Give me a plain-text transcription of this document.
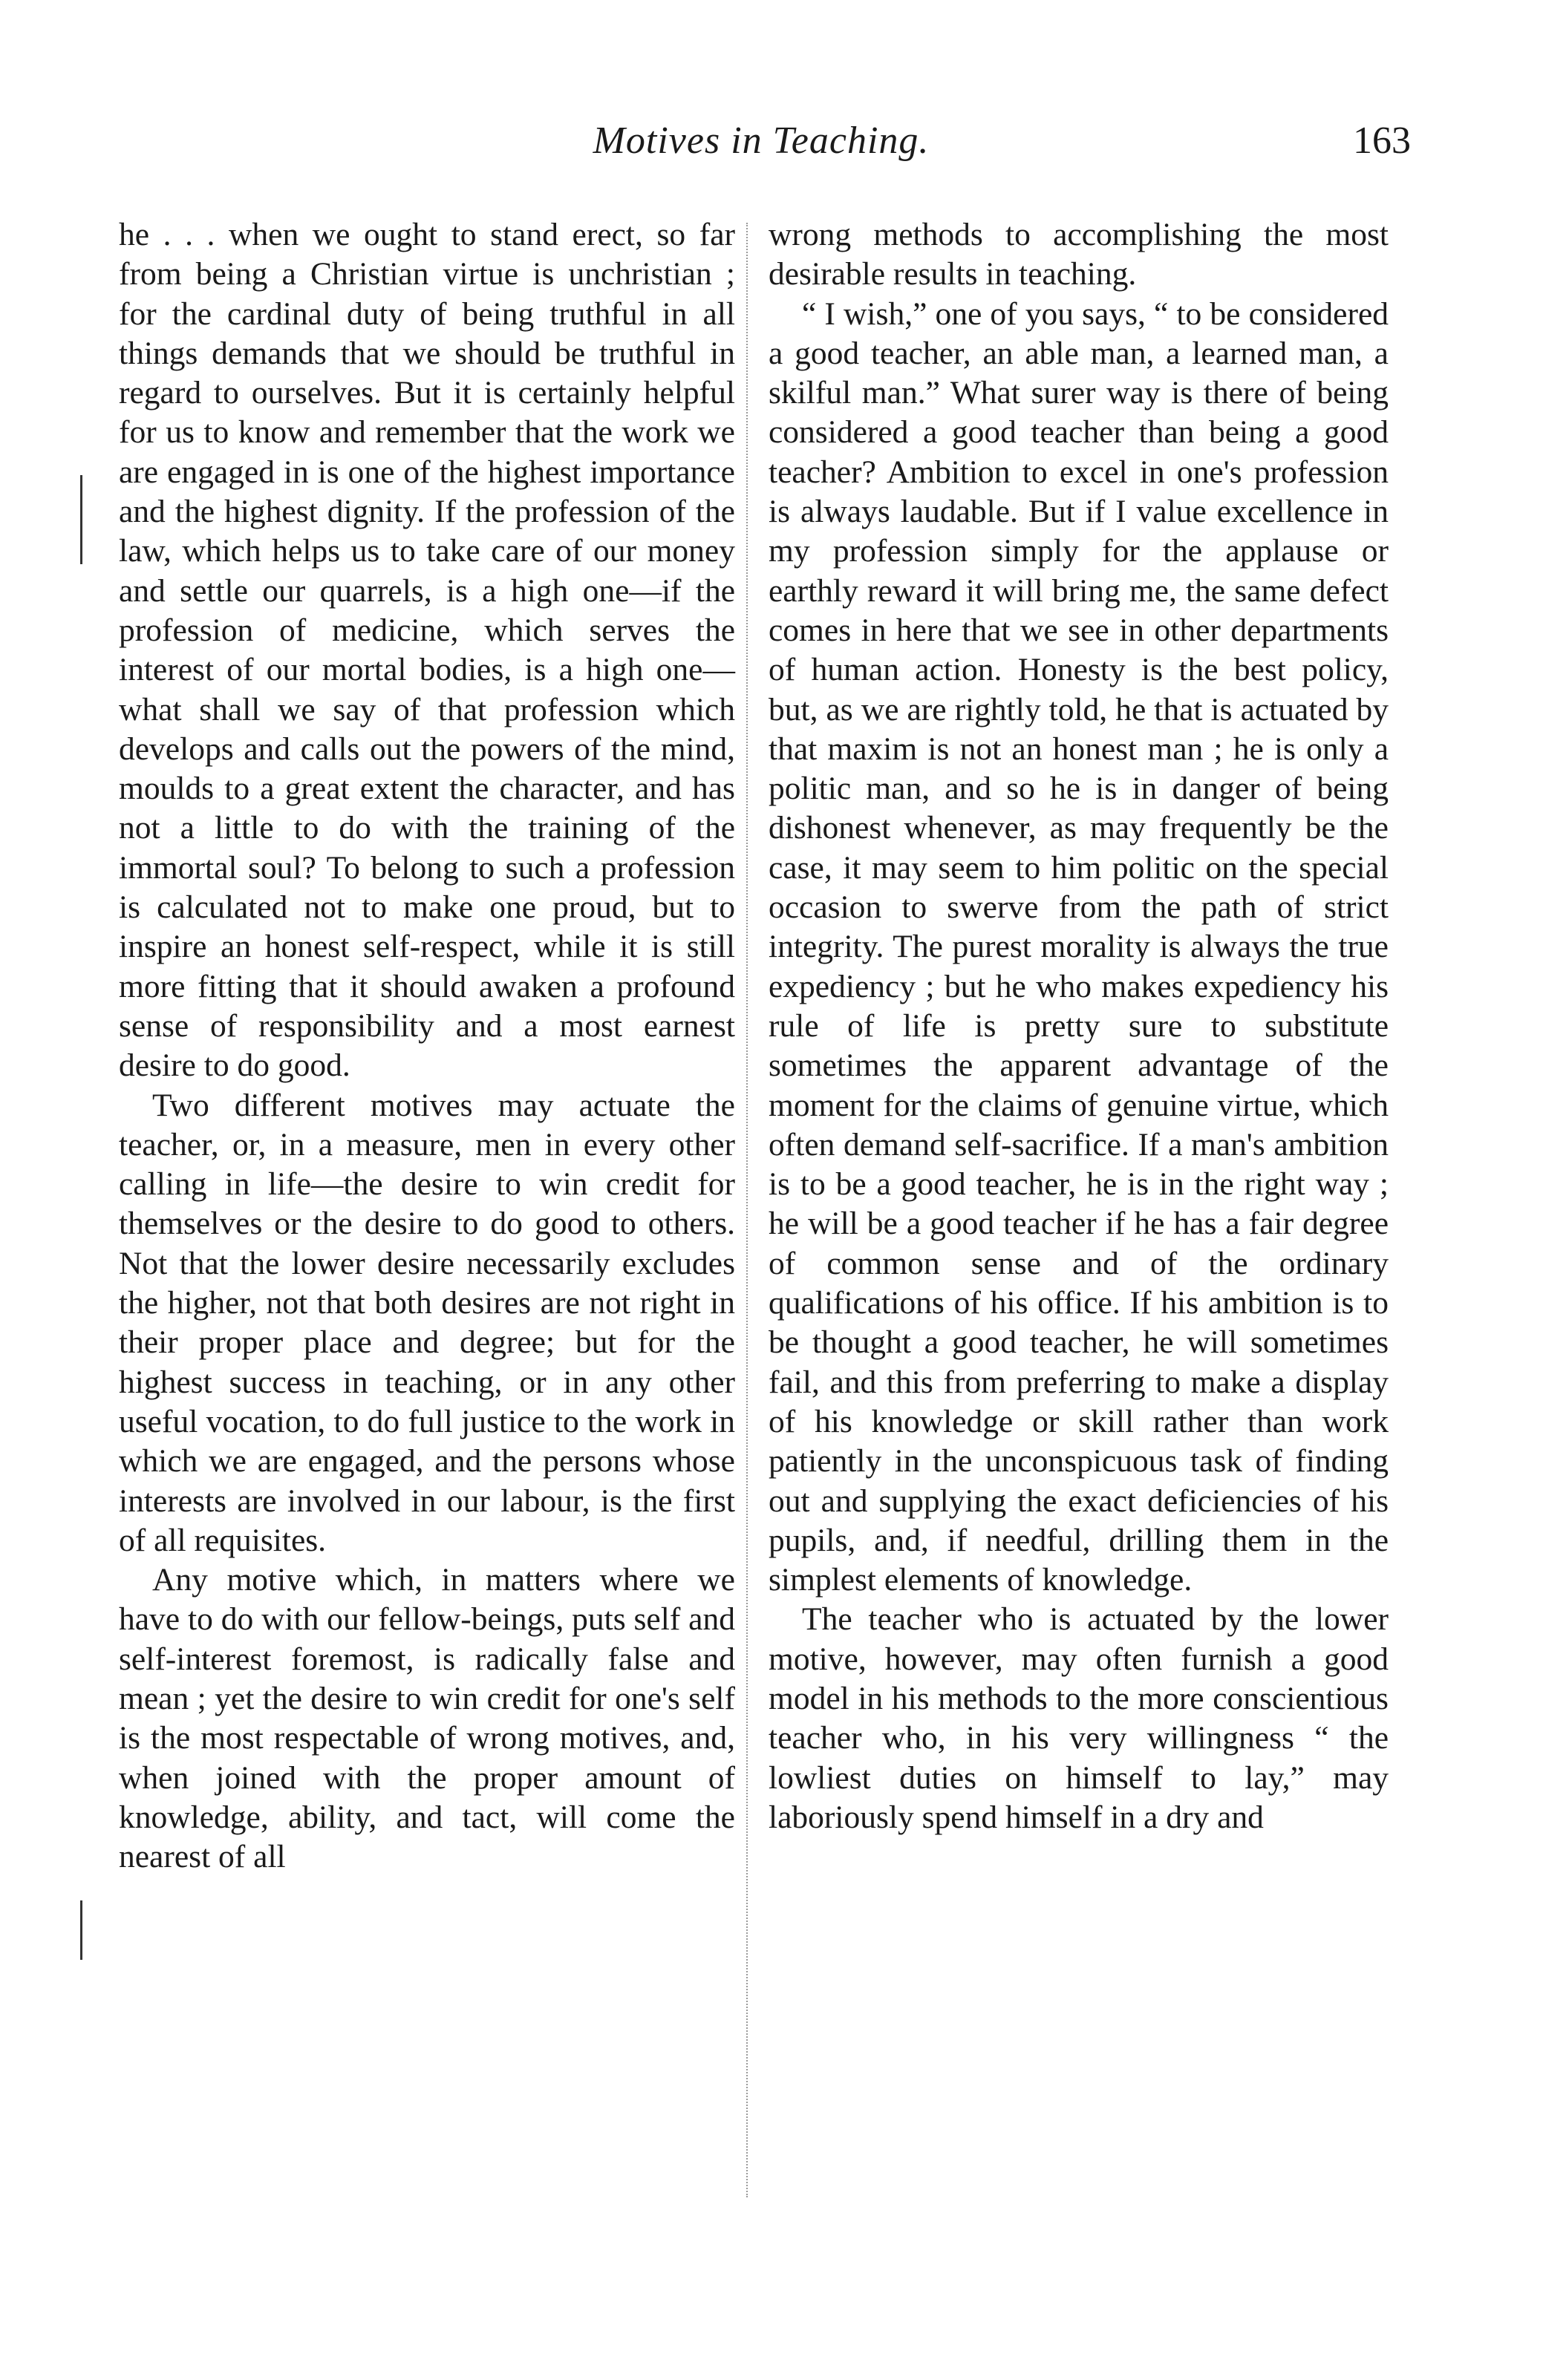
Motives in Teaching.	163

he . . . when we ought to stand erect, so far from being a Christian virtue is unchristian ; for the cardinal duty of being truthful in all things demands that we should be truthful in regard to ourselves. But it is certainly helpful for us to know and remember that the work we are engaged in is one of the highest importance and the highest dignity. If the profession of the law, which helps us to take care of our money and settle our quarrels, is a high one—if the profession of medicine, which serves the interest of our mortal bodies, is a high one—what shall we say of that profession which develops and calls out the powers of the mind, moulds to a great extent the character, and has not a little to do with the training of the immortal soul? To belong to such a profession is calculated not to make one proud, but to inspire an honest self-respect, while it is still more fitting that it should awaken a profound sense of responsibility and a most earnest desire to do good.

Two different motives may actuate the teacher, or, in a measure, men in every other calling in life—the desire to win credit for themselves or the desire to do good to others. Not that the lower desire necessarily excludes the higher, not that both desires are not right in their proper place and degree; but for the highest success in teaching, or in any other useful vocation, to do full justice to the work in which we are engaged, and the persons whose interests are involved in our labour, is the first of all requisites.

Any motive which, in matters where we have to do with our fellow-beings, puts self and self-interest foremost, is radically false and mean ; yet the desire to win credit for one's self is the most respectable of wrong motives, and, when joined with the proper amount of knowledge, ability, and tact, will come the nearest of all

wrong methods to accomplishing the most desirable results in teaching.

“ I wish,” one of you says, “ to be considered a good teacher, an able man, a learned man, a skilful man.” What surer way is there of being considered a good teacher than being a good teacher? Ambition to excel in one's profession is always laudable. But if I value excellence in my profession simply for the applause or earthly reward it will bring me, the same defect comes in here that we see in other departments of human action. Honesty is the best policy, but, as we are rightly told, he that is actuated by that maxim is not an honest man ; he is only a politic man, and so he is in danger of being dishonest whenever, as may frequently be the case, it may seem to him politic on the special occasion to swerve from the path of strict integrity. The purest morality is always the true expediency ; but he who makes expediency his rule of life is pretty sure to substitute sometimes the apparent advantage of the moment for the claims of genuine virtue, which often demand self-sacrifice. If a man's ambition is to be a good teacher, he is in the right way ; he will be a good teacher if he has a fair degree of common sense and of the ordinary qualifications of his office. If his ambition is to be thought a good teacher, he will sometimes fail, and this from preferring to make a display of his knowledge or skill rather than work patiently in the unconspicuous task of finding out and supplying the exact deficiencies of his pupils, and, if needful, drilling them in the simplest elements of knowledge.

The teacher who is actuated by the lower motive, however, may often furnish a good model in his methods to the more conscientious teacher who, in his very willingness “ the lowliest duties on himself to lay,” may laboriously spend himself in a dry and
